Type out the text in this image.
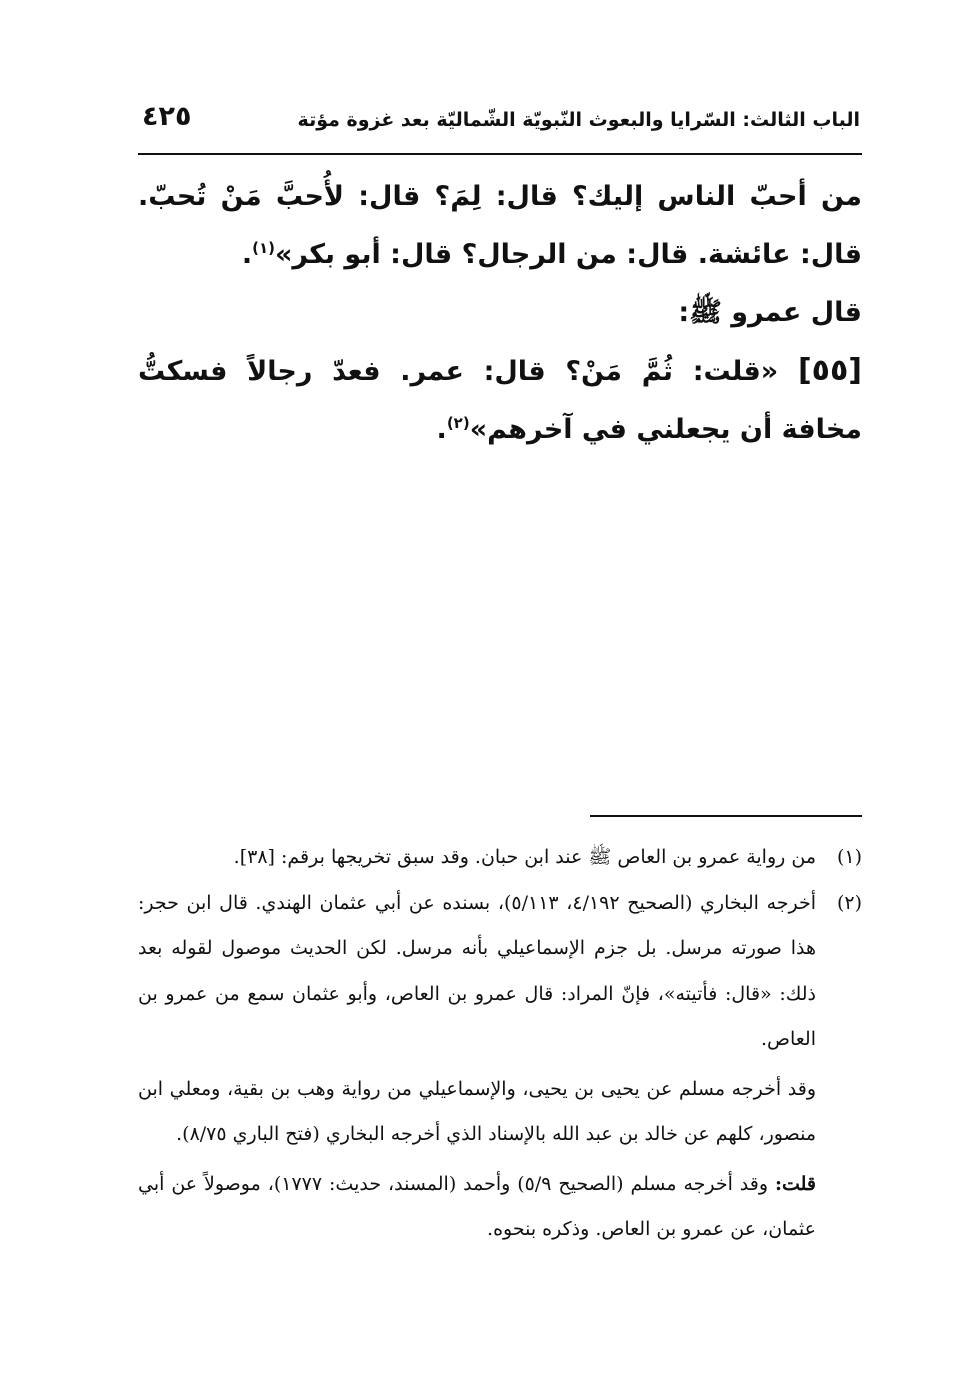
الباب الثالث: السّرايا والبعوث النّبويّة الشّماليّة بعد غزوة مؤتة
٤٢٥

من أحبّ الناس إليك؟ قال: لِمَ؟ قال: لأُحبَّ مَنْ تُحبّ. قال: عائشة. قال: من الرجال؟ قال: أبو بكر»$^{(١)}$.

قال عمرو ﷺ:

[٥٥] «قلت: ثُمَّ مَنْ؟ قال: عمر. فعدّ رجالاً فسكتُّ مخافة أن يجعلني في آخرهم»$^{(٢)}$.

(١)

من رواية عمرو بن العاص ﷺ عند ابن حبان. وقد سبق تخريجها برقم: [٣٨].

(٢)

أخرجه البخاري (الصحيح ٤/١٩٢، ٥/١١٣)، بسنده عن أبي عثمان الهندي. قال ابن حجر: هذا صورته مرسل. بل جزم الإسماعيلي بأنه مرسل. لكن الحديث موصول لقوله بعد ذلك: «قال: فأتيته»، فإنّ المراد: قال عمرو بن العاص، وأبو عثمان سمع من عمرو بن العاص.

وقد أخرجه مسلم عن يحيى بن يحيى، والإسماعيلي من رواية وهب بن بقية، ومعلي ابن منصور، كلهم عن خالد بن عبد الله بالإسناد الذي أخرجه البخاري (فتح الباري ٨/٧٥).

قلت: وقد أخرجه مسلم (الصحيح ٥/٩) وأحمد (المسند، حديث: ١٧٧٧)، موصولاً عن أبي عثمان، عن عمرو بن العاص. وذكره بنحوه.
